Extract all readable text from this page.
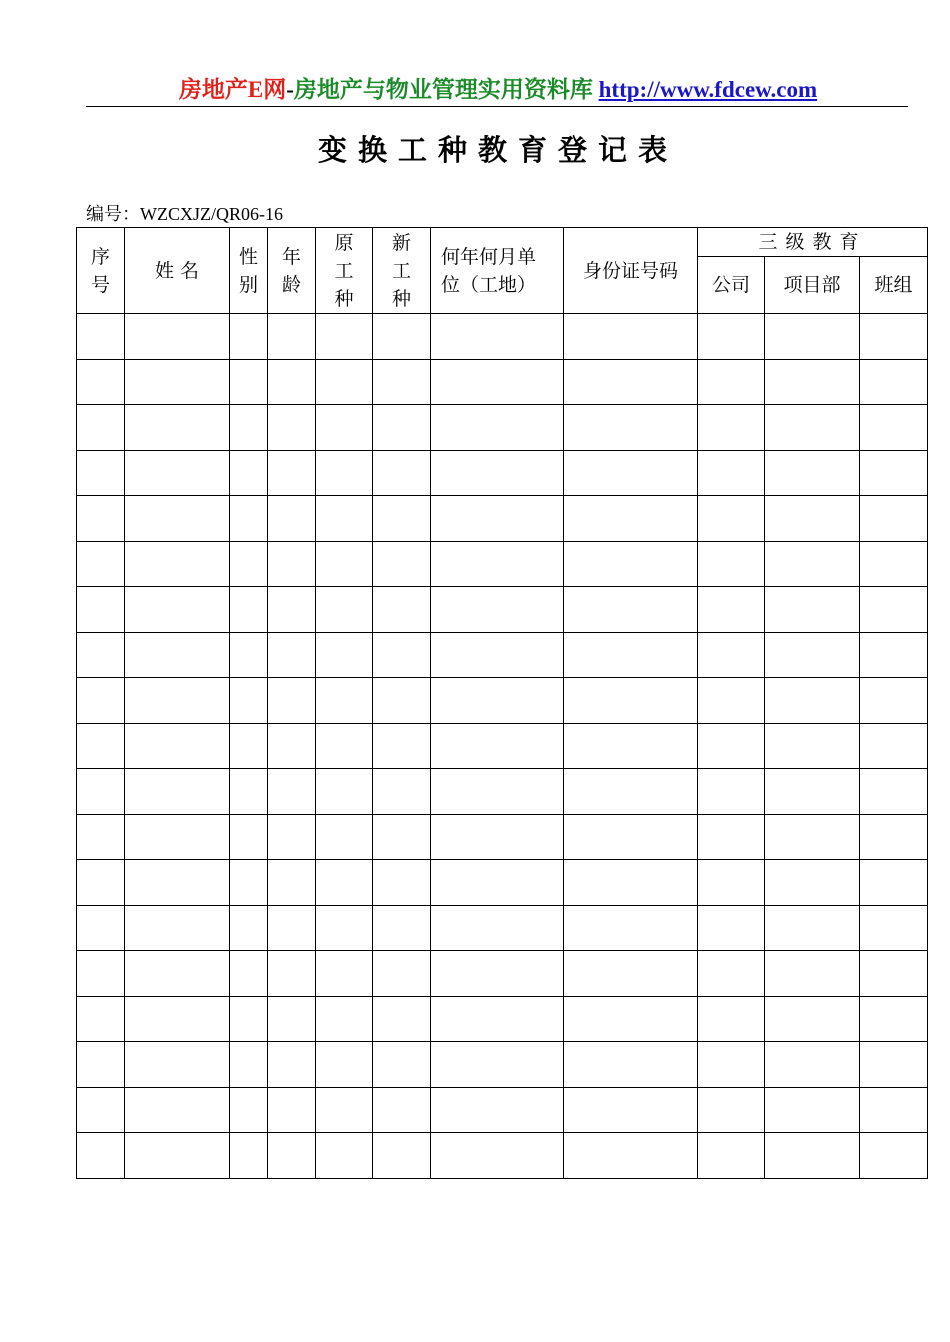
房地产E网-房地产与物业管理实用资料库 http://www.fdcew.com
变换工种教育登记表
编号：WZCXJZ/QR06-16
序号	姓 名	性别	年龄	原工种	新工种	何年何月单位（工地）	身份证号码	三级教育		
								公司	项目部	班组
